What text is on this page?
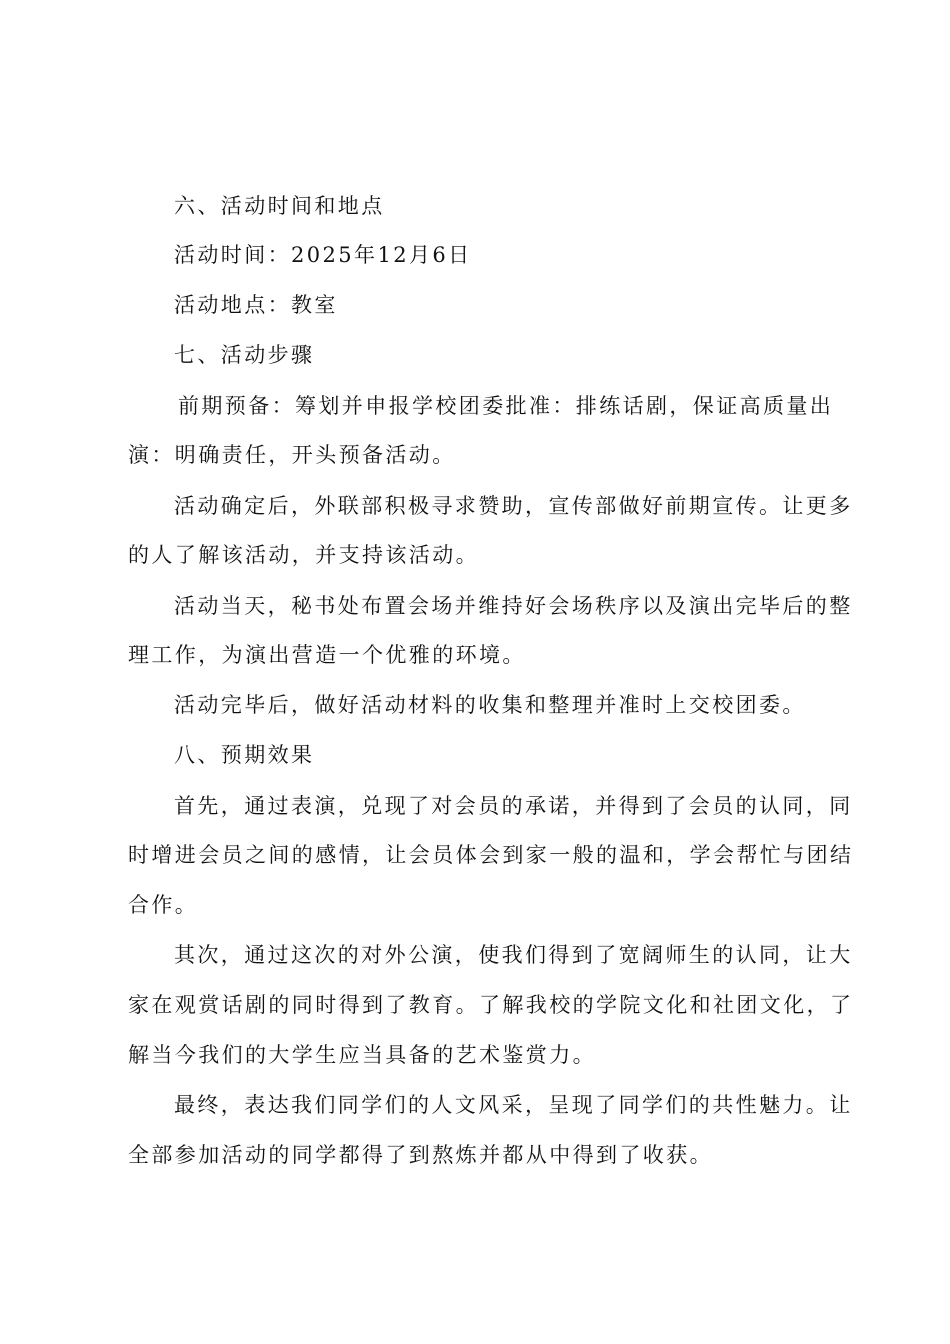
六、活动时间和地点
活动时间：2025年12月6日
活动地点：教室
七、活动步骤
前期预备：筹划并申报学校团委批准：排练话剧，保证高质量出
演：明确责任，开头预备活动。
活动确定后，外联部积极寻求赞助，宣传部做好前期宣传。让更多
的人了解该活动，并支持该活动。
活动当天，秘书处布置会场并维持好会场秩序以及演出完毕后的整
理工作，为演出营造一个优雅的环境。
活动完毕后，做好活动材料的收集和整理并准时上交校团委。
八、预期效果
首先，通过表演，兑现了对会员的承诺，并得到了会员的认同，同
时增进会员之间的感情，让会员体会到家一般的温和，学会帮忙与团结
合作。
其次，通过这次的对外公演，使我们得到了宽阔师生的认同，让大
家在观赏话剧的同时得到了教育。了解我校的学院文化和社团文化，了
解当今我们的大学生应当具备的艺术鉴赏力。
最终，表达我们同学们的人文风采，呈现了同学们的共性魅力。让
全部参加活动的同学都得了到熬炼并都从中得到了收获。
